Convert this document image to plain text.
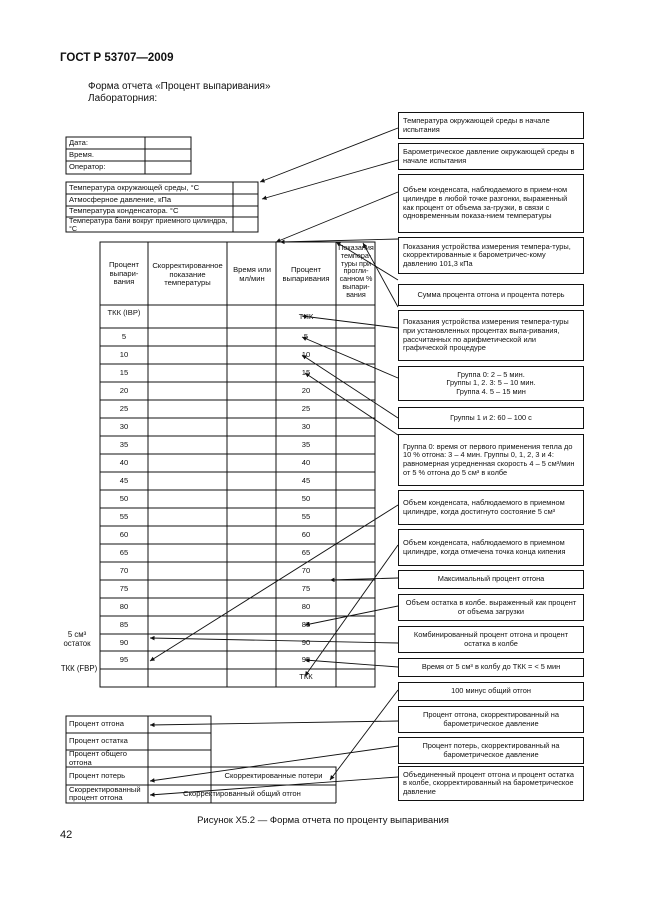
ГОСТ Р 53707—2009
Форма отчета «Процент выпаривания»
Лабораторния:
Дата:
Время.
Оператор:
Температура окружающей среды, °С
Атмосферное давление, кПа
Температура конденсатора. °С
Температура бани вокруг приемного цилиндра, °С
Процент выпари-вания
Скорректированное показание температуры
Время или мл/мин
Процент выпаривания
Показания темпера-туры при прогли-санном % выпари-вания
ТКК (IBP)
5
10
15
20
25
30
35
40
45
50
55
60
65
70
75
80
85
90
95
ТНК
5
10
15
20
25
30
35
40
45
50
55
60
65
70
75
80
85
90
95
ТКК
5 см³ остаток
ТКК (FBP)
Процент отгона
Процент остатка
Процент общего отгона
Процент потерь
Скорректированный процент отгона
Скорректированные потери
Скорректированный общий отгон
Температура окружающей среды в начале испытания
Барометрическое давление окружающей среды в начале испытания
Объем конденсата, наблюдаемого в прием-ном цилиндре в любой точке разгонки, выраженный как процент от объема за-грузки, в связи с одновременным показа-нием температуры
Показания устройства измерения темпера-туры, скорректированные к барометричес-кому давлению 101,3 кПа
Сумма процента отгона и процента потерь
Показания устройства измерения темпера-туры при установленных процентах выпа-ривания, рассчитанных по арифметической или графической процедуре
Группа 0: 2 – 5 мин.
Группы 1, 2. 3: 5 – 10 мин.
Группа 4. 5 – 15 мин
Группы 1 и 2: 60 – 100 с
Группа 0: время от первого применения тепла до 10 % отгона: 3 – 4 мин. Группы 0, 1, 2, 3 и 4: равномерная усредненная скорость 4 – 5 см³/мин от 5 % отгона до 5 см³ в колбе
Объем конденсата, наблюдаемого в приемном цилиндре, когда достигнуто состояние 5 см³
Объем конденсата, наблюдаемого в приемном цилиндре, когда отмечена точка конца кипения
Максимальный процент отгона
Объем остатка в колбе. выраженный как процент от объема загрузки
Комбинированный процент отгона и процент остатка в колбе
Время от 5 см³ в колбу до ТКК = < 5 мин
100 минус общий отгон
Процент отгона, скорректированный на барометрическое давление
Процент потерь, скорректированный на барометрическое давление
Объединенный процент отгона и процент остатка в колбе, скорректированный на барометрическое давление
Рисунок Х5.2 — Форма отчета по проценту выпаривания
42
